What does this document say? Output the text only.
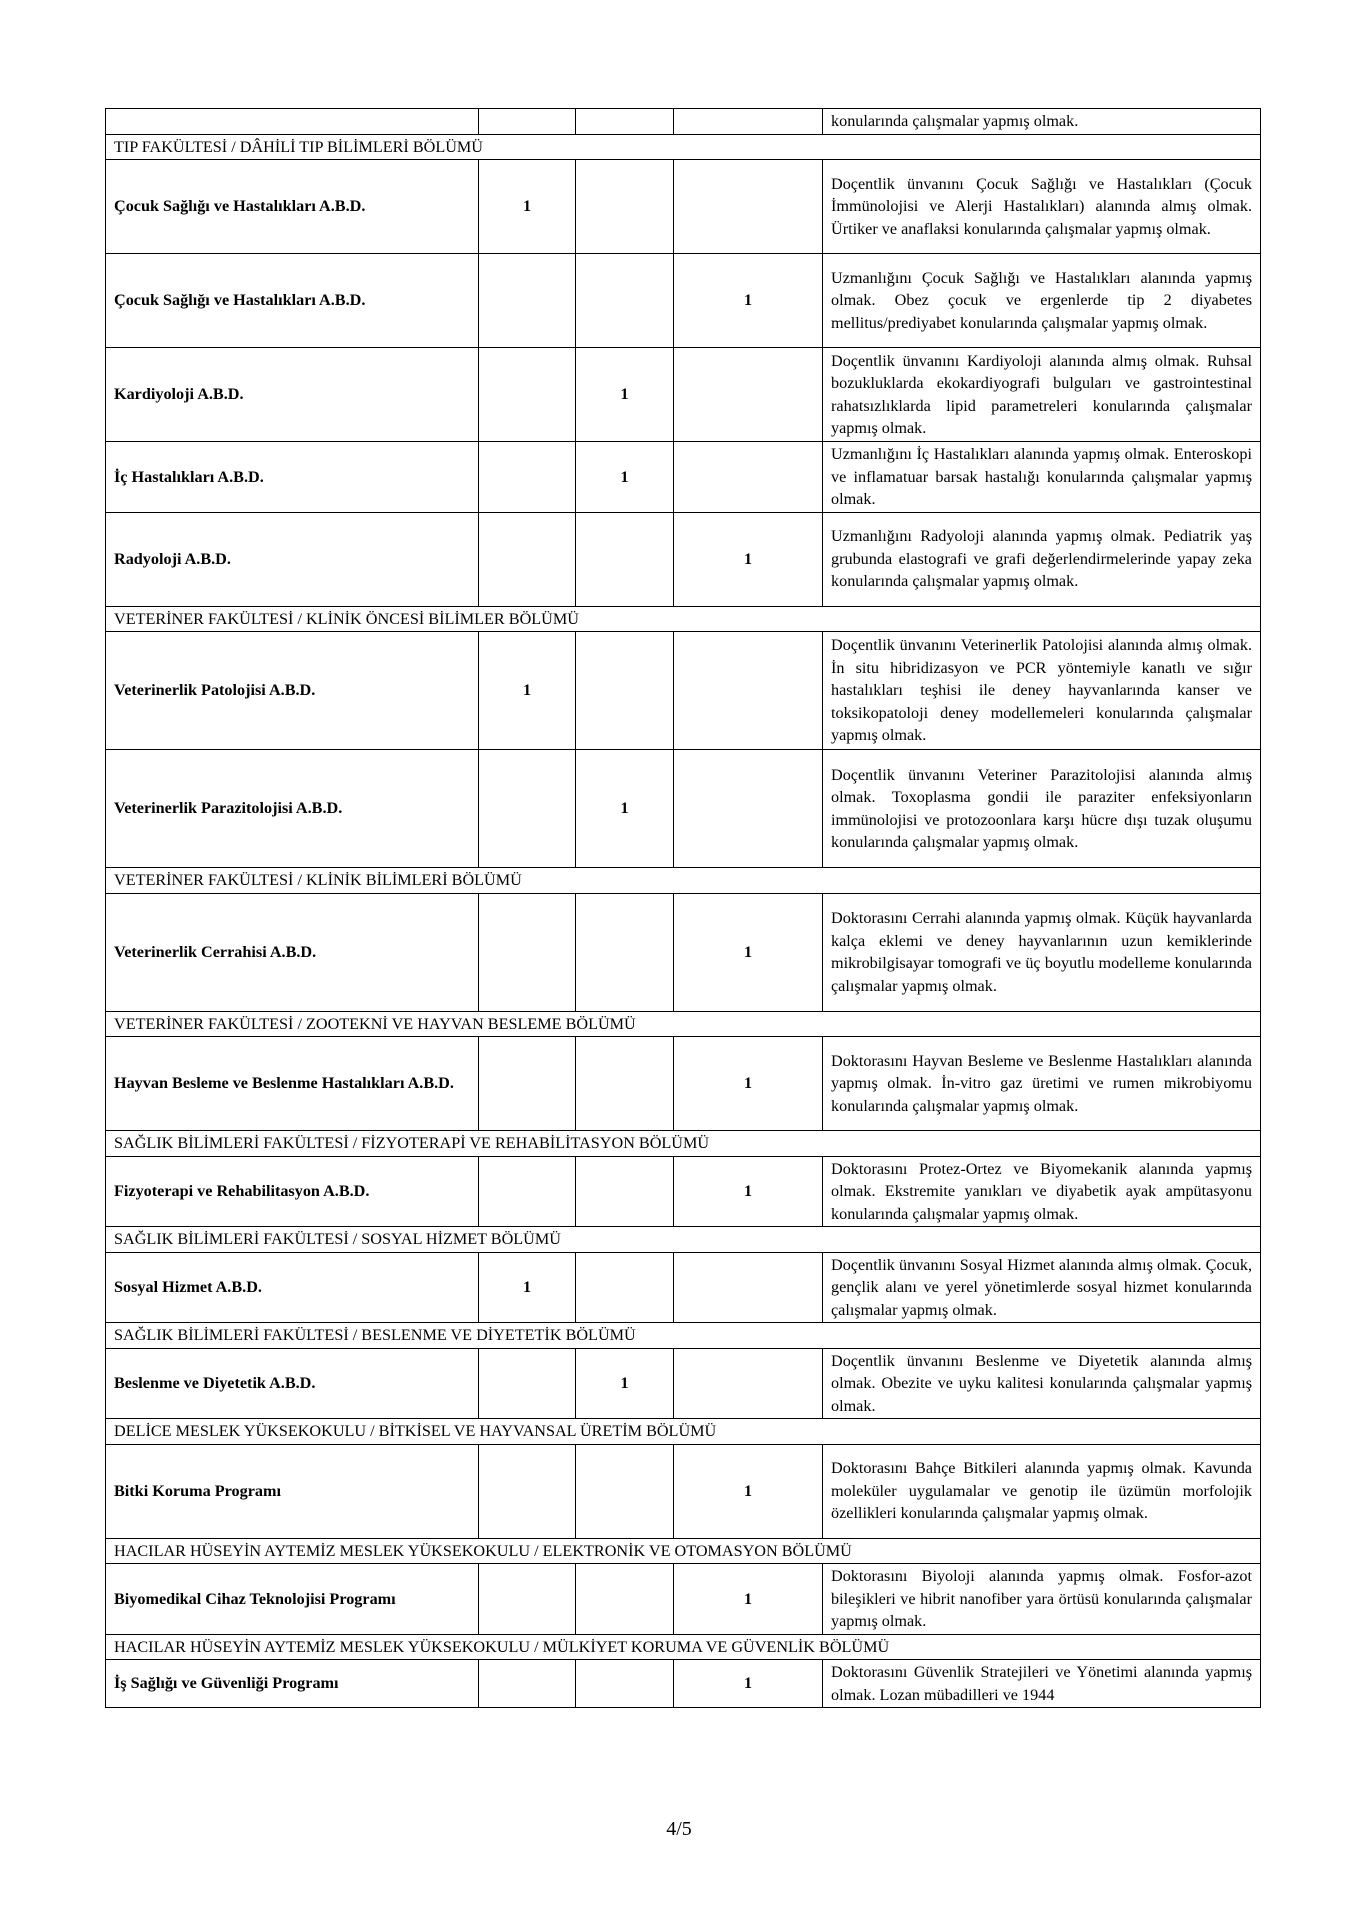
				konularında çalışmalar yapmış olmak.
TIP FAKÜLTESİ / DÂHİLİ TIP BİLİMLERİ BÖLÜMÜ				
Çocuk Sağlığı ve Hastalıkları A.B.D.	1			Doçentlik ünvanını Çocuk Sağlığı ve Hastalıkları (Çocuk İmmünolojisi ve Alerji Hastalıkları) alanında almış olmak. Ürtiker ve anaflaksi konularında çalışmalar yapmış olmak.
Çocuk Sağlığı ve Hastalıkları A.B.D.			1	Uzmanlığını Çocuk Sağlığı ve Hastalıkları alanında yapmış olmak. Obez çocuk ve ergenlerde tip 2 diyabetes mellitus/prediyabet konularında çalışmalar yapmış olmak.
Kardiyoloji A.B.D.		1		Doçentlik ünvanını Kardiyoloji alanında almış olmak. Ruhsal bozukluklarda ekokardiyografi bulguları ve gastrointestinal rahatsızlıklarda lipid parametreleri konularında çalışmalar yapmış olmak.
İç Hastalıkları A.B.D.		1		Uzmanlığını İç Hastalıkları alanında yapmış olmak. Enteroskopi ve inflamatuar barsak hastalığı konularında çalışmalar yapmış olmak.
Radyoloji A.B.D.			1	Uzmanlığını Radyoloji alanında yapmış olmak. Pediatrik yaş grubunda elastografi ve grafi değerlendirmelerinde yapay zeka konularında çalışmalar yapmış olmak.
VETERİNER FAKÜLTESİ / KLİNİK ÖNCESİ BİLİMLER BÖLÜMÜ				
Veterinerlik Patolojisi A.B.D.	1			Doçentlik ünvanını Veterinerlik Patolojisi alanında almış olmak. İn situ hibridizasyon ve PCR yöntemiyle kanatlı ve sığır hastalıkları teşhisi ile deney hayvanlarında kanser ve toksikopatoloji deney modellemeleri konularında çalışmalar yapmış olmak.
Veterinerlik Parazitolojisi A.B.D.		1		Doçentlik ünvanını Veteriner Parazitolojisi alanında almış olmak. Toxoplasma gondii ile paraziter enfeksiyonların immünolojisi ve protozoonlara karşı hücre dışı tuzak oluşumu konularında çalışmalar yapmış olmak.
VETERİNER FAKÜLTESİ / KLİNİK BİLİMLERİ BÖLÜMÜ				
Veterinerlik Cerrahisi A.B.D.			1	Doktorasını Cerrahi alanında yapmış olmak. Küçük hayvanlarda kalça eklemi ve deney hayvanlarının uzun kemiklerinde mikrobilgisayar tomografi ve üç boyutlu modelleme konularında çalışmalar yapmış olmak.
VETERİNER FAKÜLTESİ / ZOOTEKNİ VE HAYVAN BESLEME BÖLÜMÜ				
Hayvan Besleme ve Beslenme Hastalıkları A.B.D.			1	Doktorasını Hayvan Besleme ve Beslenme Hastalıkları alanında yapmış olmak. İn-vitro gaz üretimi ve rumen mikrobiyomu konularında çalışmalar yapmış olmak.
SAĞLIK BİLİMLERİ FAKÜLTESİ / FİZYOTERAPİ VE REHABİLİTASYON BÖLÜMÜ				
Fizyoterapi ve Rehabilitasyon A.B.D.			1	Doktorasını Protez-Ortez ve Biyomekanik alanında yapmış olmak. Ekstremite yanıkları ve diyabetik ayak ampütasyonu konularında çalışmalar yapmış olmak.
SAĞLIK BİLİMLERİ FAKÜLTESİ / SOSYAL HİZMET BÖLÜMÜ				
Sosyal Hizmet A.B.D.	1			Doçentlik ünvanını Sosyal Hizmet alanında almış olmak. Çocuk, gençlik alanı ve yerel yönetimlerde sosyal hizmet konularında çalışmalar yapmış olmak.
SAĞLIK BİLİMLERİ FAKÜLTESİ / BESLENME VE DİYETETİK BÖLÜMÜ				
Beslenme ve Diyetetik A.B.D.		1		Doçentlik ünvanını Beslenme ve Diyetetik alanında almış olmak. Obezite ve uyku kalitesi konularında çalışmalar yapmış olmak.
DELİCE MESLEK YÜKSEKOKULU / BİTKİSEL VE HAYVANSAL ÜRETİM BÖLÜMÜ				
Bitki Koruma Programı			1	Doktorasını Bahçe Bitkileri alanında yapmış olmak. Kavunda moleküler uygulamalar ve genotip ile üzümün morfolojik özellikleri konularında çalışmalar yapmış olmak.
HACILAR HÜSEYİN AYTEMİZ MESLEK YÜKSEKOKULU / ELEKTRONİK VE OTOMASYON BÖLÜMÜ				
Biyomedikal Cihaz Teknolojisi Programı			1	Doktorasını Biyoloji alanında yapmış olmak. Fosfor-azot bileşikleri ve hibrit nanofiber yara örtüsü konularında çalışmalar yapmış olmak.
HACILAR HÜSEYİN AYTEMİZ MESLEK YÜKSEKOKULU / MÜLKİYET KORUMA VE GÜVENLİK BÖLÜMÜ				
İş Sağlığı ve Güvenliği Programı			1	Doktorasını Güvenlik Stratejileri ve Yönetimi alanında yapmış olmak. Lozan mübadilleri ve 1944
4/5
